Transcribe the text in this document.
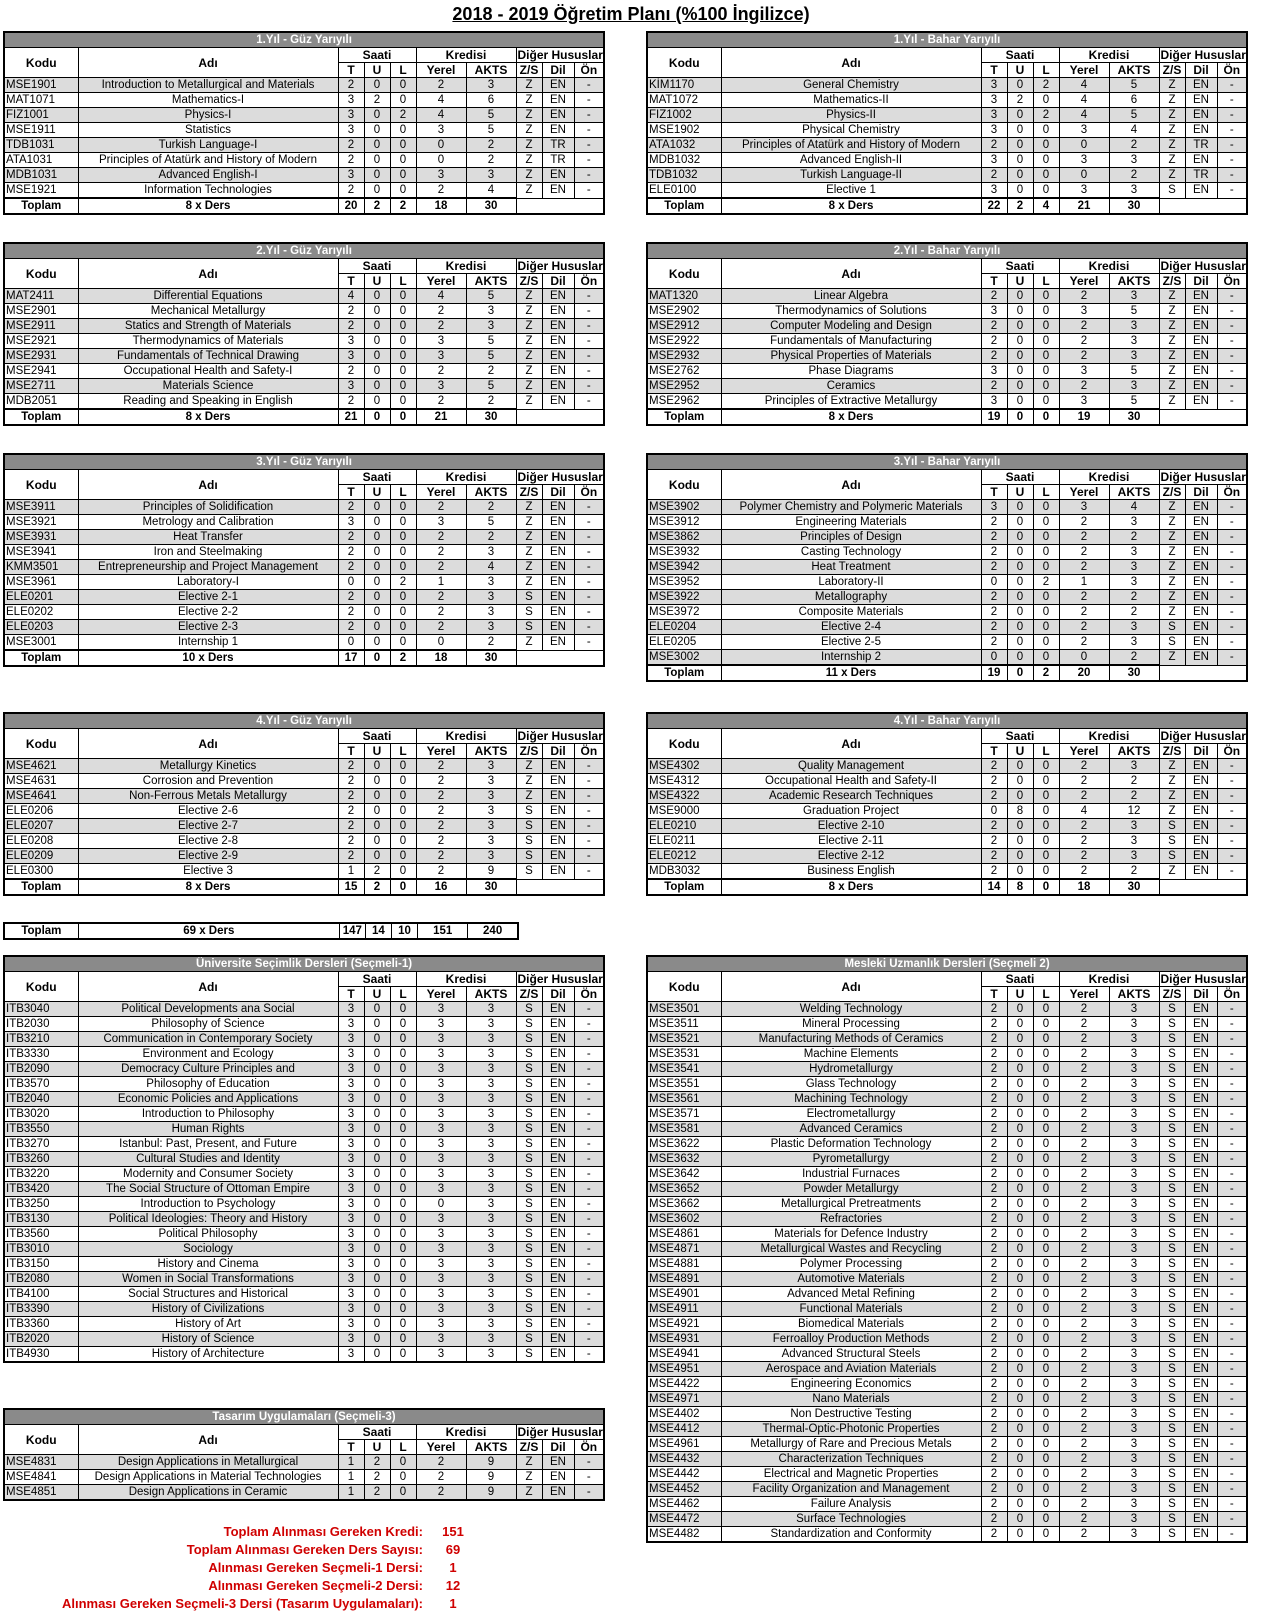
2018 - 2019 Öğretim Planı (%100 İngilizce)
1.Yıl - Güz Yarıyılı									
Kodu	Adı	Saati			Kredisi		Diğer Hususlar		
		T	U	L	Yerel	AKTS	Z/S	Dil	Ön
MSE1901	Introduction to Metallurgical and Materials	2	0	0	2	3	Z	EN	-
MAT1071	Mathematics-I	3	2	0	4	6	Z	EN	-
FIZ1001	Physics-I	3	0	2	4	5	Z	EN	-
MSE1911	Statistics	3	0	0	3	5	Z	EN	-
TDB1031	Turkish Language-I	2	0	0	0	2	Z	TR	-
ATA1031	Principles of Atatürk and History of Modern	2	0	0	0	2	Z	TR	-
MDB1031	Advanced English-I	3	0	0	3	3	Z	EN	-
MSE1921	Information Technologies	2	0	0	2	4	Z	EN	-
Toplam	8 x Ders	20	2	2	18	30			
1.Yıl - Bahar Yarıyılı									
Kodu	Adı	Saati			Kredisi		Diğer Hususlar		
		T	U	L	Yerel	AKTS	Z/S	Dil	Ön
KİM1170	General Chemistry	3	0	2	4	5	Z	EN	-
MAT1072	Mathematics-II	3	2	0	4	6	Z	EN	-
FIZ1002	Physics-II	3	0	2	4	5	Z	EN	-
MSE1902	Physical Chemistry	3	0	0	3	4	Z	EN	-
ATA1032	Principles of Atatürk and History of Modern	2	0	0	0	2	Z	TR	-
MDB1032	Advanced English-II	3	0	0	3	3	Z	EN	-
TDB1032	Turkish Language-II	2	0	0	0	2	Z	TR	-
ELE0100	Elective 1	3	0	0	3	3	S	EN	-
Toplam	8 x Ders	22	2	4	21	30			
2.Yıl - Güz Yarıyılı									
Kodu	Adı	Saati			Kredisi		Diğer Hususlar		
		T	U	L	Yerel	AKTS	Z/S	Dil	Ön
MAT2411	Differential Equations	4	0	0	4	5	Z	EN	-
MSE2901	Mechanical Metallurgy	2	0	0	2	3	Z	EN	-
MSE2911	Statics and Strength of Materials	2	0	0	2	3	Z	EN	-
MSE2921	Thermodynamics of Materials	3	0	0	3	5	Z	EN	-
MSE2931	Fundamentals of Technical Drawing	3	0	0	3	5	Z	EN	-
MSE2941	Occupational Health and Safety-I	2	0	0	2	2	Z	EN	-
MSE2711	Materials Science	3	0	0	3	5	Z	EN	-
MDB2051	Reading and Speaking in English	2	0	0	2	2	Z	EN	-
Toplam	8 x Ders	21	0	0	21	30			
2.Yıl - Bahar Yarıyılı									
Kodu	Adı	Saati			Kredisi		Diğer Hususlar		
		T	U	L	Yerel	AKTS	Z/S	Dil	Ön
MAT1320	Linear Algebra	2	0	0	2	3	Z	EN	-
MSE2902	Thermodynamics of Solutions	3	0	0	3	5	Z	EN	-
MSE2912	Computer Modeling and Design	2	0	0	2	3	Z	EN	-
MSE2922	Fundamentals of Manufacturing	2	0	0	2	3	Z	EN	-
MSE2932	Physical Properties of Materials	2	0	0	2	3	Z	EN	-
MSE2762	Phase Diagrams	3	0	0	3	5	Z	EN	-
MSE2952	Ceramics	2	0	0	2	3	Z	EN	-
MSE2962	Principles of Extractive Metallurgy	3	0	0	3	5	Z	EN	-
Toplam	8 x Ders	19	0	0	19	30			
3.Yıl - Güz Yarıyılı									
Kodu	Adı	Saati			Kredisi		Diğer Hususlar		
		T	U	L	Yerel	AKTS	Z/S	Dil	Ön
MSE3911	Principles of Solidification	2	0	0	2	2	Z	EN	-
MSE3921	Metrology and Calibration	3	0	0	3	5	Z	EN	-
MSE3931	Heat Transfer	2	0	0	2	2	Z	EN	-
MSE3941	Iron and Steelmaking	2	0	0	2	3	Z	EN	-
KMM3501	Entrepreneurship and Project Management	2	0	0	2	4	Z	EN	-
MSE3961	Laboratory-I	0	0	2	1	3	Z	EN	-
ELE0201	Elective 2-1	2	0	0	2	3	S	EN	-
ELE0202	Elective 2-2	2	0	0	2	3	S	EN	-
ELE0203	Elective 2-3	2	0	0	2	3	S	EN	-
MSE3001	Internship 1	0	0	0	0	2	Z	EN	-
Toplam	10 x Ders	17	0	2	18	30			
3.Yıl - Bahar Yarıyılı									
Kodu	Adı	Saati			Kredisi		Diğer Hususlar		
		T	U	L	Yerel	AKTS	Z/S	Dil	Ön
MSE3902	Polymer Chemistry and Polymeric Materials	3	0	0	3	4	Z	EN	-
MSE3912	Engineering Materials	2	0	0	2	3	Z	EN	-
MSE3862	Principles of Design	2	0	0	2	2	Z	EN	-
MSE3932	Casting Technology	2	0	0	2	3	Z	EN	-
MSE3942	Heat Treatment	2	0	0	2	3	Z	EN	-
MSE3952	Laboratory-II	0	0	2	1	3	Z	EN	-
MSE3922	Metallography	2	0	0	2	2	Z	EN	-
MSE3972	Composite Materials	2	0	0	2	2	Z	EN	-
ELE0204	Elective 2-4	2	0	0	2	3	S	EN	-
ELE0205	Elective 2-5	2	0	0	2	3	S	EN	-
MSE3002	Internship 2	0	0	0	0	2	Z	EN	-
Toplam	11 x Ders	19	0	2	20	30			
4.Yıl - Güz Yarıyılı									
Kodu	Adı	Saati			Kredisi		Diğer Hususlar		
		T	U	L	Yerel	AKTS	Z/S	Dil	Ön
MSE4621	Metallurgy Kinetics	2	0	0	2	3	Z	EN	-
MSE4631	Corrosion and Prevention	2	0	0	2	3	Z	EN	-
MSE4641	Non-Ferrous Metals Metallurgy	2	0	0	2	3	Z	EN	-
ELE0206	Elective 2-6	2	0	0	2	3	S	EN	-
ELE0207	Elective 2-7	2	0	0	2	3	S	EN	-
ELE0208	Elective 2-8	2	0	0	2	3	S	EN	-
ELE0209	Elective 2-9	2	0	0	2	3	S	EN	-
ELE0300	Elective 3	1	2	0	2	9	S	EN	-
Toplam	8 x Ders	15	2	0	16	30			
4.Yıl - Bahar Yarıyılı									
Kodu	Adı	Saati			Kredisi		Diğer Hususlar		
		T	U	L	Yerel	AKTS	Z/S	Dil	Ön
MSE4302	Quality Management	2	0	0	2	3	Z	EN	-
MSE4312	Occupational Health and Safety-II	2	0	0	2	2	Z	EN	-
MSE4322	Academic Research Techniques	2	0	0	2	2	Z	EN	-
MSE9000	Graduation Project	0	8	0	4	12	Z	EN	-
ELE0210	Elective 2-10	2	0	0	2	3	S	EN	-
ELE0211	Elective 2-11	2	0	0	2	3	S	EN	-
ELE0212	Elective 2-12	2	0	0	2	3	S	EN	-
MDB3032	Business English	2	0	0	2	2	Z	EN	-
Toplam	8 x Ders	14	8	0	18	30			
Üniversite Seçimlik Dersleri (Seçmeli-1)									
Kodu	Adı	Saati			Kredisi		Diğer Hususlar		
		T	U	L	Yerel	AKTS	Z/S	Dil	Ön
ITB3040	Political Developments ana Social	3	0	0	3	3	S	EN	-
ITB2030	Philosophy of Science	3	0	0	3	3	S	EN	-
ITB3210	Communication in Contemporary Society	3	0	0	3	3	S	EN	-
ITB3330	Environment and Ecology	3	0	0	3	3	S	EN	-
ITB2090	Democracy Culture Principles and	3	0	0	3	3	S	EN	-
ITB3570	Philosophy of Education	3	0	0	3	3	S	EN	-
ITB2040	Economic Policies and Applications	3	0	0	3	3	S	EN	-
ITB3020	Introduction to Philosophy	3	0	0	3	3	S	EN	-
ITB3550	Human Rights	3	0	0	3	3	S	EN	-
ITB3270	Istanbul: Past, Present, and Future	3	0	0	3	3	S	EN	-
ITB3260	Cultural Studies and Identity	3	0	0	3	3	S	EN	-
ITB3220	Modernity and Consumer Society	3	0	0	3	3	S	EN	-
ITB3420	The Social Structure of Ottoman Empire	3	0	0	3	3	S	EN	-
ITB3250	Introduction to Psychology	3	0	0	0	3	S	EN	-
ITB3130	Political Ideologies: Theory and History	3	0	0	3	3	S	EN	-
ITB3560	Political Philosophy	3	0	0	3	3	S	EN	-
ITB3010	Sociology	3	0	0	3	3	S	EN	-
ITB3150	History and Cinema	3	0	0	3	3	S	EN	-
ITB2080	Women in Social Transformations	3	0	0	3	3	S	EN	-
ITB4100	Social Structures and Historical	3	0	0	3	3	S	EN	-
ITB3390	History of Civilizations	3	0	0	3	3	S	EN	-
ITB3360	History of Art	3	0	0	3	3	S	EN	-
ITB2020	History of Science	3	0	0	3	3	S	EN	-
ITB4930	History of Architecture	3	0	0	3	3	S	EN	-
Mesleki Uzmanlık Dersleri (Seçmeli 2)									
Kodu	Adı	Saati			Kredisi		Diğer Hususlar		
		T	U	L	Yerel	AKTS	Z/S	Dil	Ön
MSE3501	Welding Technology	2	0	0	2	3	S	EN	-
MSE3511	Mineral Processing	2	0	0	2	3	S	EN	-
MSE3521	Manufacturing Methods of Ceramics	2	0	0	2	3	S	EN	-
MSE3531	Machine Elements	2	0	0	2	3	S	EN	-
MSE3541	Hydrometallurgy	2	0	0	2	3	S	EN	-
MSE3551	Glass Technology	2	0	0	2	3	S	EN	-
MSE3561	Machining Technology	2	0	0	2	3	S	EN	-
MSE3571	Electrometallurgy	2	0	0	2	3	S	EN	-
MSE3581	Advanced Ceramics	2	0	0	2	3	S	EN	-
MSE3622	Plastic Deformation Technology	2	0	0	2	3	S	EN	-
MSE3632	Pyrometallurgy	2	0	0	2	3	S	EN	-
MSE3642	Industrial Furnaces	2	0	0	2	3	S	EN	-
MSE3652	Powder Metallurgy	2	0	0	2	3	S	EN	-
MSE3662	Metallurgical Pretreatments	2	0	0	2	3	S	EN	-
MSE3602	Refractories	2	0	0	2	3	S	EN	-
MSE4861	Materials for Defence Industry	2	0	0	2	3	S	EN	-
MSE4871	Metallurgical Wastes and Recycling	2	0	0	2	3	S	EN	-
MSE4881	Polymer Processing	2	0	0	2	3	S	EN	-
MSE4891	Automotive Materials	2	0	0	2	3	S	EN	-
MSE4901	Advanced Metal Refining	2	0	0	2	3	S	EN	-
MSE4911	Functional Materials	2	0	0	2	3	S	EN	-
MSE4921	Biomedical Materials	2	0	0	2	3	S	EN	-
MSE4931	Ferroalloy Production Methods	2	0	0	2	3	S	EN	-
MSE4941	Advanced Structural Steels	2	0	0	2	3	S	EN	-
MSE4951	Aerospace and Aviation Materials	2	0	0	2	3	S	EN	-
MSE4422	Engineering Economics	2	0	0	2	3	S	EN	-
MSE4971	Nano Materials	2	0	0	2	3	S	EN	-
MSE4402	Non Destructive Testing	2	0	0	2	3	S	EN	-
MSE4412	Thermal-Optic-Photonic Properties	2	0	0	2	3	S	EN	-
MSE4961	Metallurgy of Rare and Precious Metals	2	0	0	2	3	S	EN	-
MSE4432	Characterization Techniques	2	0	0	2	3	S	EN	-
MSE4442	Electrical and Magnetic Properties	2	0	0	2	3	S	EN	-
MSE4452	Facility Organization and Management	2	0	0	2	3	S	EN	-
MSE4462	Failure Analysis	2	0	0	2	3	S	EN	-
MSE4472	Surface Technologies	2	0	0	2	3	S	EN	-
MSE4482	Standardization and Conformity	2	0	0	2	3	S	EN	-
Tasarım Uygulamaları (Seçmeli-3)									
Kodu	Adı	Saati			Kredisi		Diğer Hususlar		
		T	U	L	Yerel	AKTS	Z/S	Dil	Ön
MSE4831	Design Applications in Metallurgical	1	2	0	2	9	Z	EN	-
MSE4841	Design Applications in Material Technologies	1	2	0	2	9	Z	EN	-
MSE4851	Design Applications in Ceramic	1	2	0	2	9	Z	EN	-
Toplam	69 x Ders	147	14	10	151	240
Toplam Alınması Gereken Kredi:	151
Toplam Alınması Gereken Ders Sayısı:	69
Alınması Gereken Seçmeli-1 Dersi:	1
Alınması Gereken Seçmeli-2 Dersi:	12
Alınması Gereken Seçmeli-3 Dersi (Tasarım Uygulamaları):	1
